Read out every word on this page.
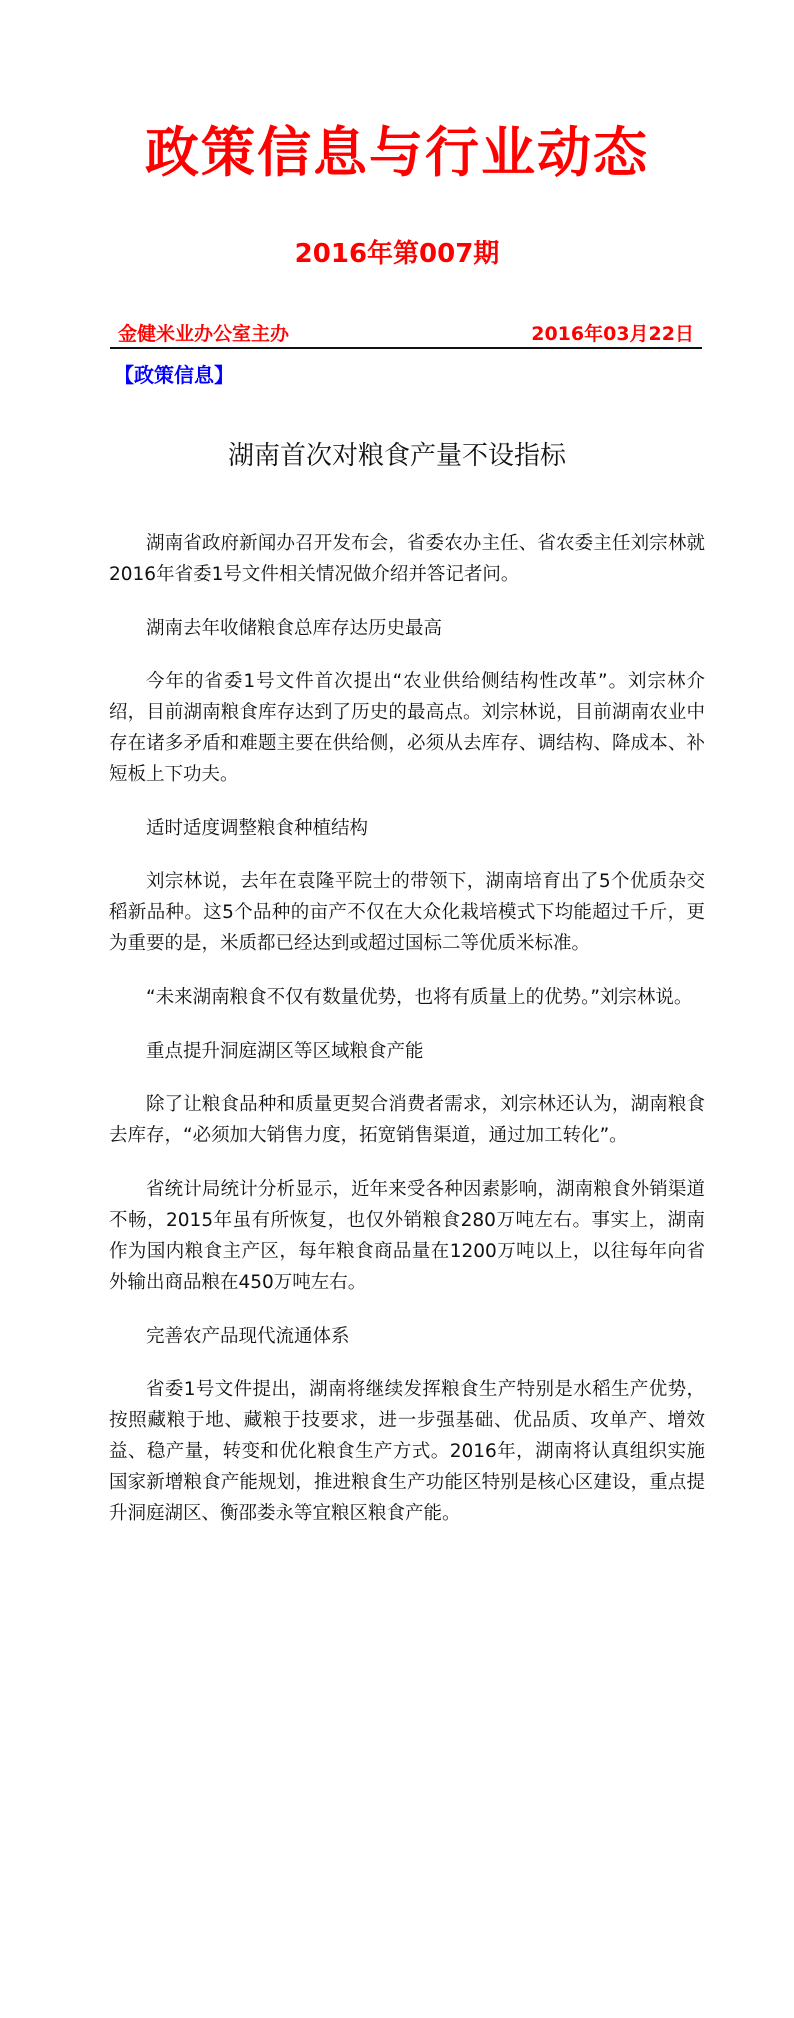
政策信息与行业动态
2016年第007期
金健米业办公室主办	2016年03月22日
【政策信息】
湖南首次对粮食产量不设指标

湖南省政府新闻办召开发布会，省委农办主任、省农委主任刘宗林就2016年省委1号文件相关情况做介绍并答记者问。

湖南去年收储粮食总库存达历史最高

今年的省委1号文件首次提出“农业供给侧结构性改革”。刘宗林介绍，目前湖南粮食库存达到了历史的最高点。刘宗林说，目前湖南农业中存在诸多矛盾和难题主要在供给侧，必须从去库存、调结构、降成本、补短板上下功夫。

适时适度调整粮食种植结构

刘宗林说，去年在袁隆平院士的带领下，湖南培育出了5个优质杂交稻新品种。这5个品种的亩产不仅在大众化栽培模式下均能超过千斤，更为重要的是，米质都已经达到或超过国标二等优质米标准。

“未来湖南粮食不仅有数量优势，也将有质量上的优势。”刘宗林说。

重点提升洞庭湖区等区域粮食产能

除了让粮食品种和质量更契合消费者需求，刘宗林还认为，湖南粮食去库存，“必须加大销售力度，拓宽销售渠道，通过加工转化”。

省统计局统计分析显示，近年来受各种因素影响，湖南粮食外销渠道不畅，2015年虽有所恢复，也仅外销粮食280万吨左右。事实上，湖南作为国内粮食主产区，每年粮食商品量在1200万吨以上，以往每年向省外输出商品粮在450万吨左右。

完善农产品现代流通体系

省委1号文件提出，湖南将继续发挥粮食生产特别是水稻生产优势，按照藏粮于地、藏粮于技要求，进一步强基础、优品质、攻单产、增效益、稳产量，转变和优化粮食生产方式。2016年，湖南将认真组织实施国家新增粮食产能规划，推进粮食生产功能区特别是核心区建设，重点提升洞庭湖区、衡邵娄永等宜粮区粮食产能。
